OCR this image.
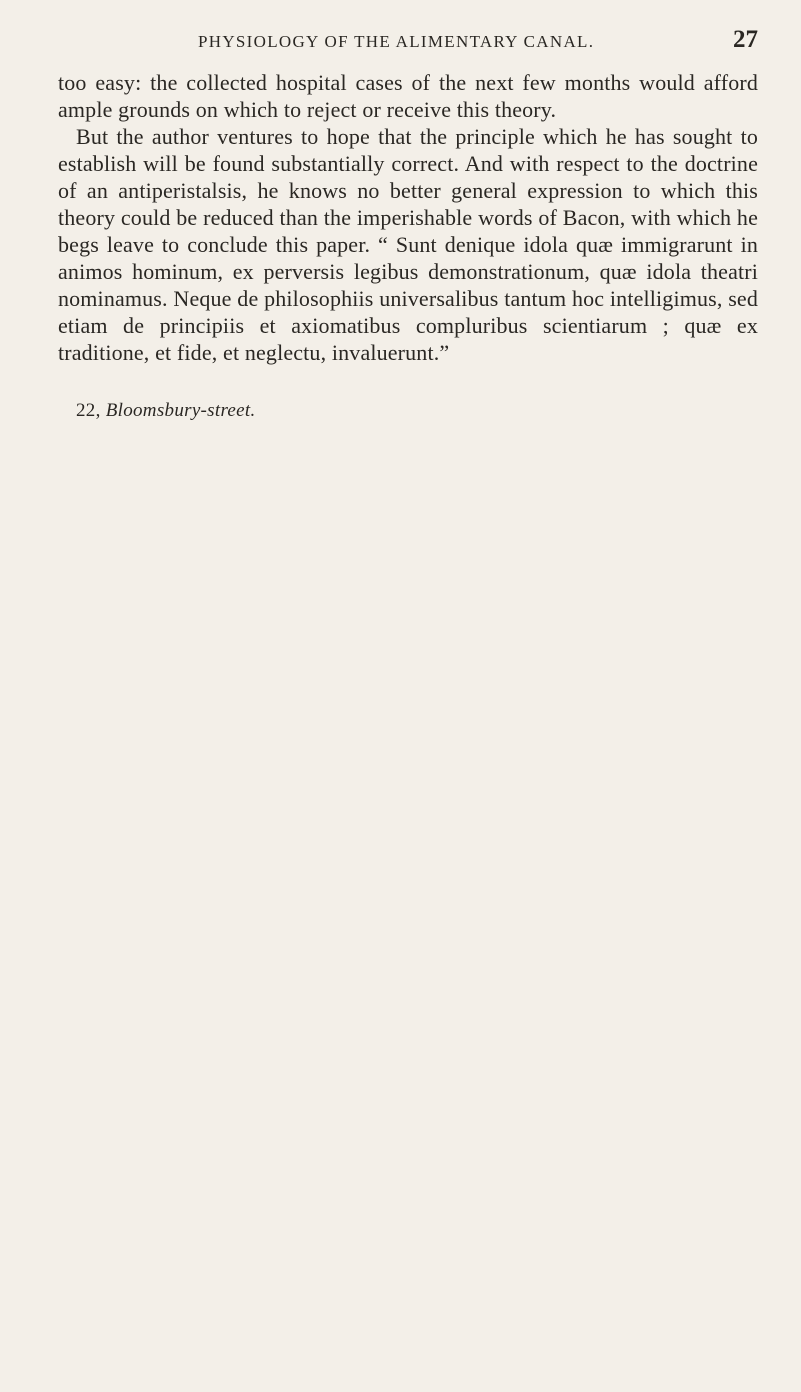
PHYSIOLOGY OF THE ALIMENTARY CANAL.	27

too easy: the collected hospital cases of the next few months would afford ample grounds on which to reject or receive this theory.

But the author ventures to hope that the principle which he has sought to establish will be found substantially correct. And with respect to the doctrine of an antiperistalsis, he knows no better general expression to which this theory could be reduced than the imperishable words of Bacon, with which he begs leave to conclude this paper. “ Sunt denique idola quæ immigrarunt in animos hominum, ex perversis legibus demonstrationum, quæ idola theatri nominamus. Neque de philosophiis universalibus tantum hoc intelligimus, sed etiam de principiis et axiomatibus compluribus scientiarum ; quæ ex traditione, et fide, et neglectu, invaluerunt.”

22, Bloomsbury-street.
